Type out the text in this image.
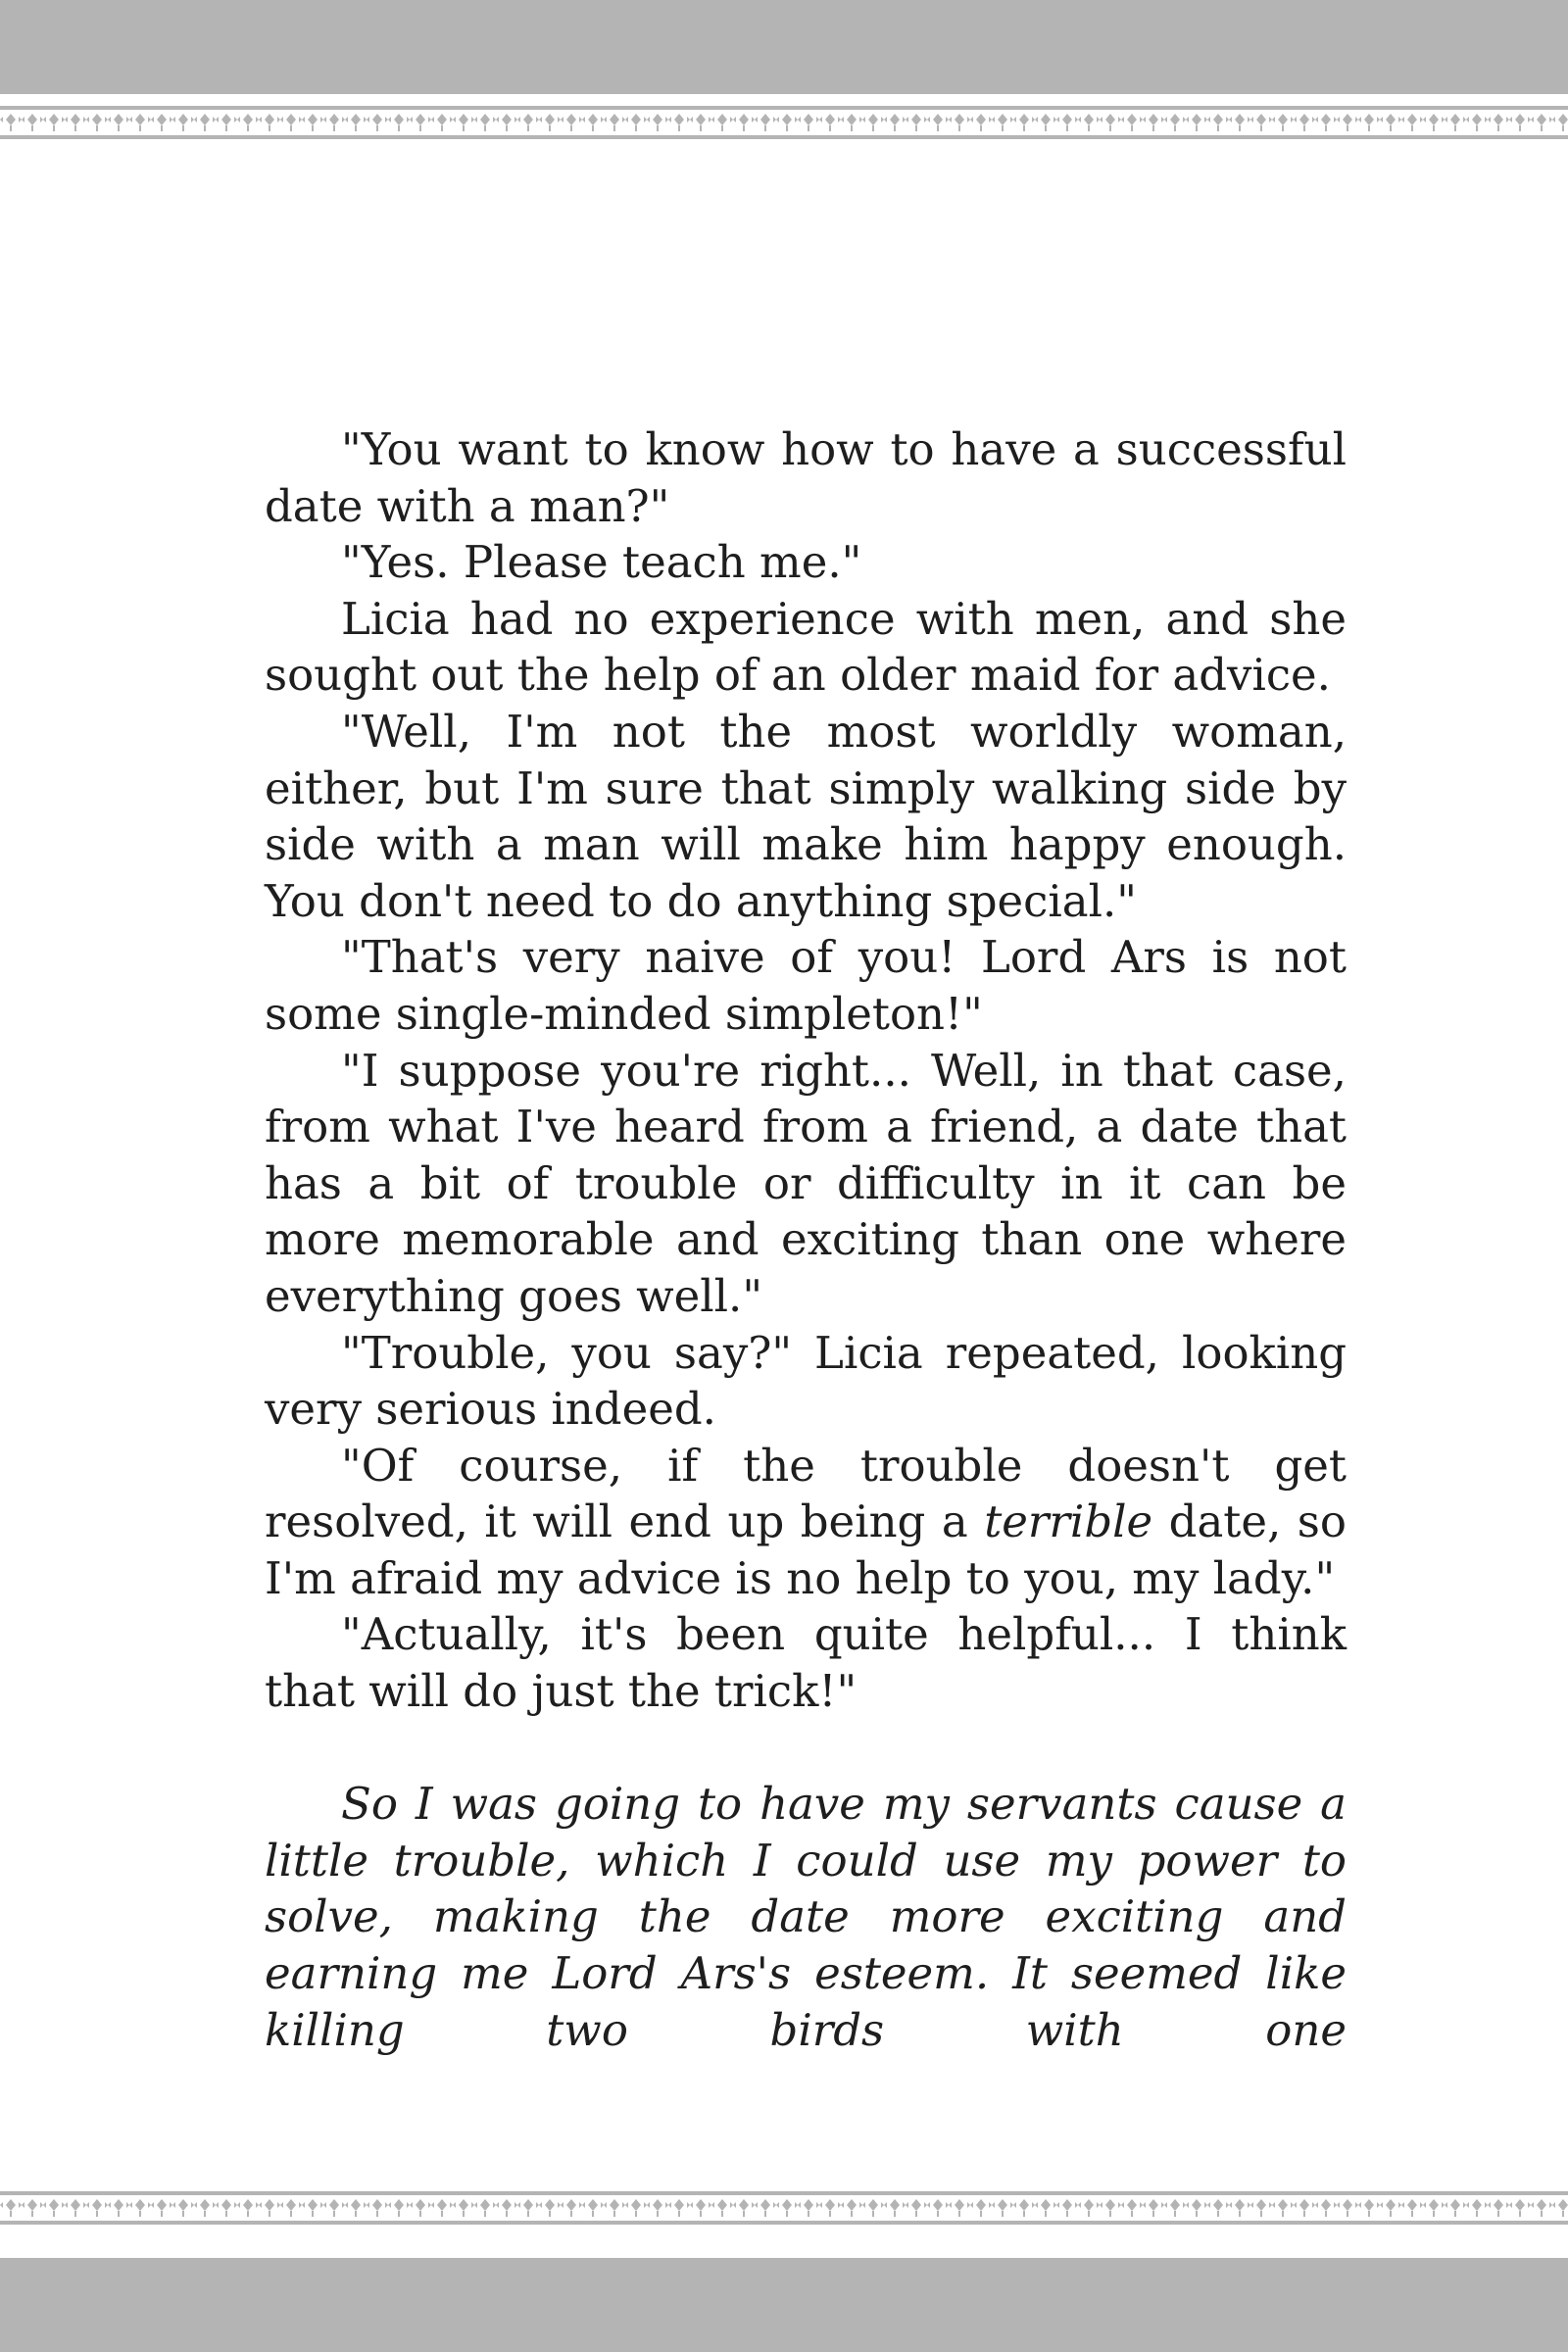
"You want to know how to have a successful date with a man?"

"Yes. Please teach me."

Licia had no experience with men, and she sought out the help of an older maid for advice.

"Well, I'm not the most worldly woman, either, but I'm sure that simply walking side by side with a man will make him happy enough. You don't need to do anything special."

"That's very naive of you! Lord Ars is not some single-minded simpleton!"

"I suppose you're right... Well, in that case, from what I've heard from a friend, a date that has a bit of trouble or difficulty in it can be more memorable and exciting than one where everything goes well."

"Trouble, you say?" Licia repeated, looking very serious indeed.

"Of course, if the trouble doesn't get resolved, it will end up being a terrible date, so I'm afraid my advice is no help to you, my lady."

"Actually, it's been quite helpful... I think that will do just the trick!"

So I was going to have my servants cause a little trouble, which I could use my power to solve, making the date more exciting and earning me Lord Ars's esteem. It seemed like killing two birds with one
